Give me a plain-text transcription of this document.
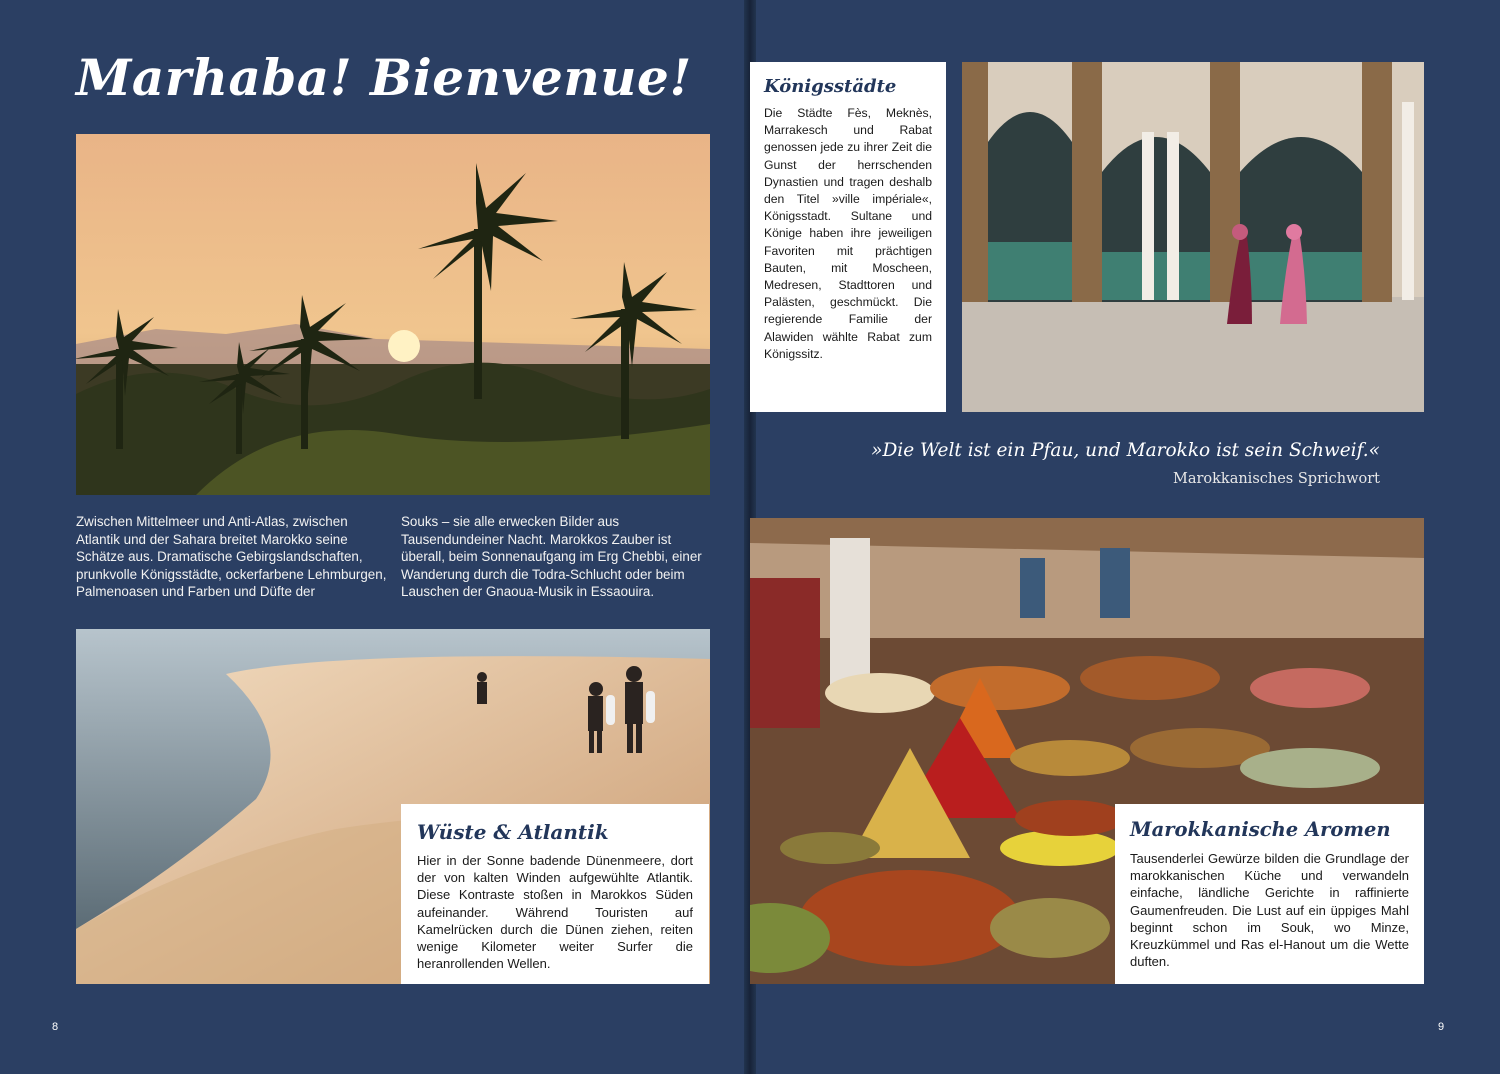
Marhaba! Bienvenue!

Zwischen Mittelmeer und Anti-Atlas, zwischen Atlantik und der Sahara breitet Marokko seine Schätze aus. Dramatische Gebirgslandschaften, prunkvolle Königsstädte, ockerfarbene Lehmburgen, Palmenoasen und Farben und Düfte der

Souks – sie alle erwecken Bilder aus Tausendundeiner Nacht. Marokkos Zauber ist überall, beim Sonnenaufgang im Erg Chebbi, einer Wanderung durch die Todra-Schlucht oder beim Lauschen der Gnaoua-Musik in Essaouira.

Wüste & Atlantik

Hier in der Sonne badende Dünenmeere, dort der von kalten Winden aufgewühlte Atlantik. Diese Kontraste stoßen in Marokkos Süden aufeinander. Während Touristen auf Kamelrücken durch die Dünen ziehen, reiten wenige Kilometer weiter Surfer die heranrollenden Wellen.

8
Königsstädte

Die Städte Fès, Meknès, Marrakesch und Rabat genossen jede zu ihrer Zeit die Gunst der herrschenden Dynastien und tragen deshalb den Titel »ville impériale«, Königsstadt. Sultane und Könige haben ihre jeweiligen Favoriten mit prächtigen Bauten, mit Moscheen, Medresen, Stadttoren und Palästen, geschmückt. Die regierende Familie der Alawiden wählte Rabat zum Königssitz.

»Die Welt ist ein Pfau, und Marokko ist sein Schweif.«
Marokkanisches Sprichwort
Marokkanische Aromen

Tausenderlei Gewürze bilden die Grundlage der marokkanischen Küche und verwandeln einfache, ländliche Gerichte in raffinierte Gaumenfreuden. Die Lust auf ein üppiges Mahl beginnt schon im Souk, wo Minze, Kreuzkümmel und Ras el-Hanout um die Wette duften.

9
